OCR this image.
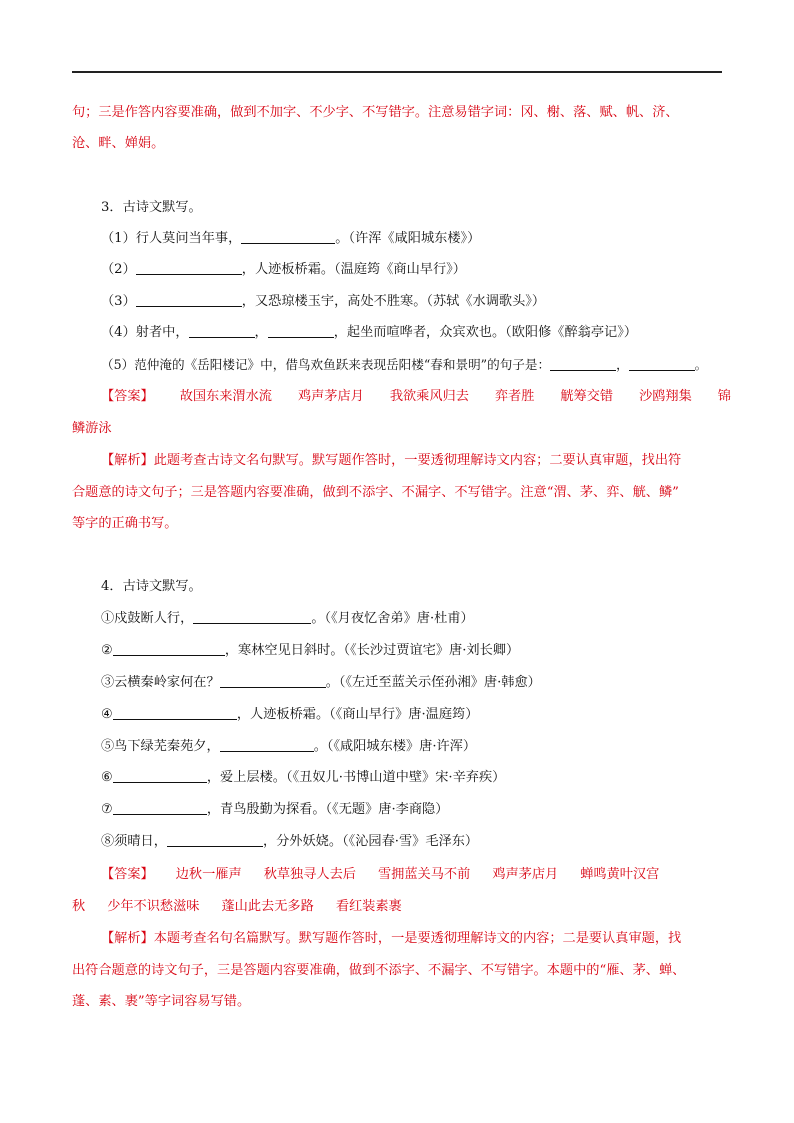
句；三是作答内容要准确，做到不加字、不少字、不写错字。注意易错字词：冈、榭、落、赋、帆、济、
沧、畔、婵娟。
3．古诗文默写。
（1）行人莫问当年事，	。（许浑《咸阳城东楼》）
（2）	，人迹板桥霜。（温庭筠《商山早行》）
（3）	，又恐琼楼玉宇，高处不胜寒。（苏轼《水调歌头》）
（4）射者中，	，	，起坐而喧哗者，众宾欢也。（欧阳修《醉翁亭记》）
（5）范仲淹的《岳阳楼记》中，借鸟欢鱼跃来表现岳阳楼“春和景明”的句子是：	，	。
【答案】 故国东来渭水流 鸡声茅店月 我欲乘风归去 弈者胜 觥筹交错 沙鸥翔集 锦
鳞游泳
【解析】此题考查古诗文名句默写。默写题作答时，一要透彻理解诗文内容；二要认真审题，找出符
合题意的诗文句子；三是答题内容要准确，做到不添字、不漏字、不写错字。注意“渭、茅、弈、觥、鳞”
等字的正确书写。
4．古诗文默写。
①戍鼓断人行，	。（《月夜忆舍弟》唐·杜甫）
②	，寒林空见日斜时。（《长沙过贾谊宅》唐·刘长卿）
③云横秦岭家何在？	。（《左迁至蓝关示侄孙湘》唐·韩愈）
④	，人迹板桥霜。（《商山早行》唐·温庭筠）
⑤鸟下绿芜秦苑夕，	。（《咸阳城东楼》唐·许浑）
⑥	，爱上层楼。（《丑奴儿·书博山道中壁》宋·辛弃疾）
⑦	，青鸟殷勤为探看。（《无题》唐·李商隐）
⑧须晴日，	，分外妖娆。（《沁园春·雪》毛泽东）
【答案】 边秋一雁声 秋草独寻人去后 雪拥蓝关马不前 鸡声茅店月 蝉鸣黄叶汉宫
秋 少年不识愁滋味 蓬山此去无多路 看红装素裹
【解析】本题考查名句名篇默写。默写题作答时，一是要透彻理解诗文的内容；二是要认真审题，找
出符合题意的诗文句子，三是答题内容要准确，做到不添字、不漏字、不写错字。本题中的“雁、茅、蝉、
蓬、素、裹”等字词容易写错。
